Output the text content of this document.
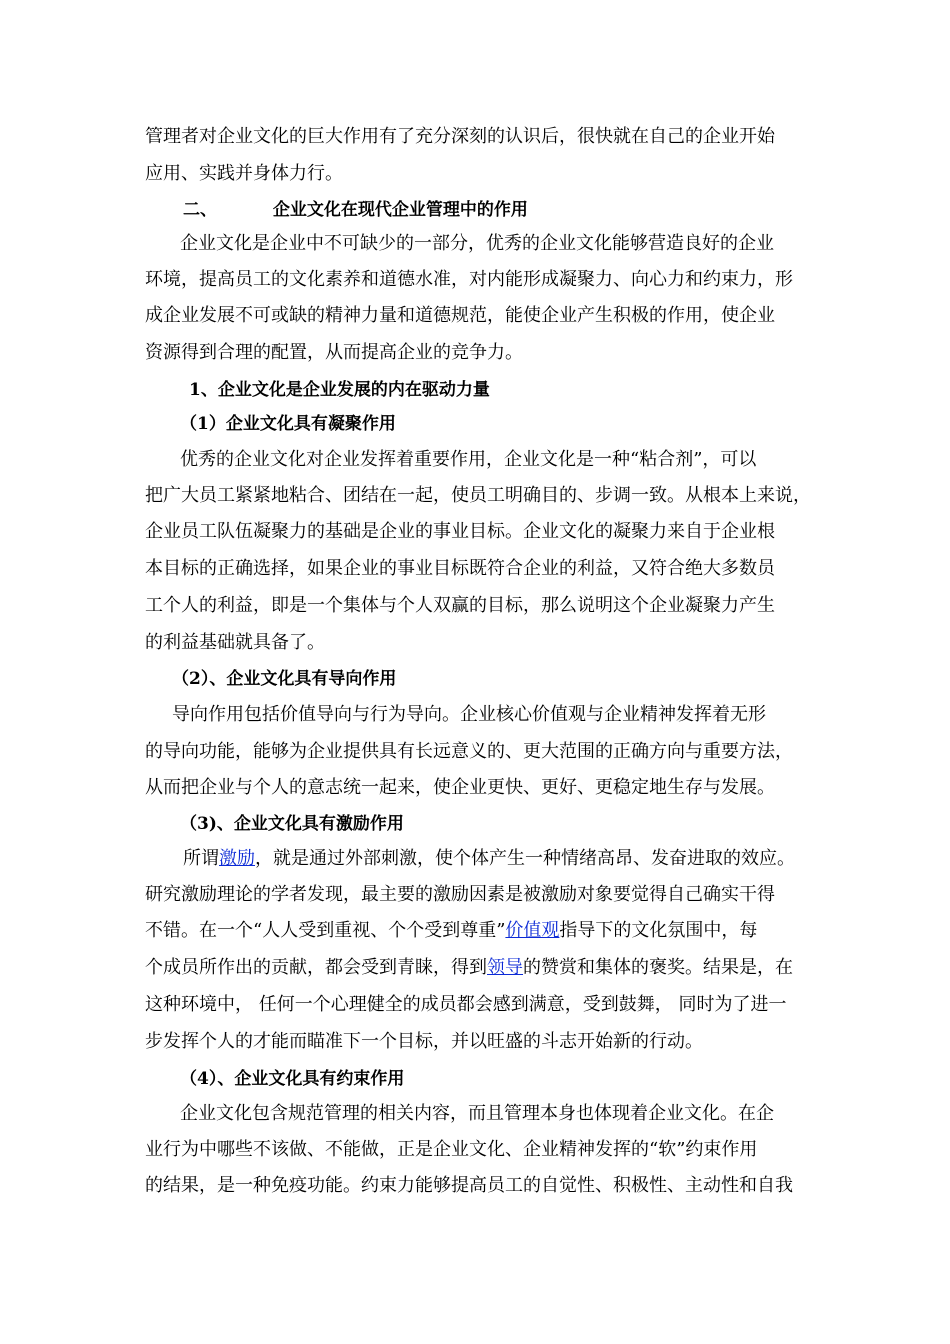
管理者对企业文化的巨大作用有了充分深刻的认识后，很快就在自己的企业开始
应用、实践并身体力行。
二、	企业文化在现代企业管理中的作用
企业文化是企业中不可缺少的一部分，优秀的企业文化能够营造良好的企业
环境，提高员工的文化素养和道德水准，对内能形成凝聚力、向心力和约束力，形
成企业发展不可或缺的精神力量和道德规范，能使企业产生积极的作用，使企业
资源得到合理的配置，从而提高企业的竞争力。
1、企业文化是企业发展的内在驱动力量
（1）企业文化具有凝聚作用
优秀的企业文化对企业发挥着重要作用，企业文化是一种“粘合剂”，可以
把广大员工紧紧地粘合、团结在一起，使员工明确目的、步调一致。从根本上来说，
企业员工队伍凝聚力的基础是企业的事业目标。企业文化的凝聚力来自于企业根
本目标的正确选择，如果企业的事业目标既符合企业的利益，又符合绝大多数员
工个人的利益，即是一个集体与个人双赢的目标，那么说明这个企业凝聚力产生
的利益基础就具备了。
（2）、企业文化具有导向作用
导向作用包括价值导向与行为导向。企业核心价值观与企业精神发挥着无形
的导向功能，能够为企业提供具有长远意义的、更大范围的正确方向与重要方法，
从而把企业与个人的意志统一起来，使企业更快、更好、更稳定地生存与发展。
（3)、企业文化具有激励作用
所谓激励，就是通过外部刺激，使个体产生一种情绪高昂、发奋进取的效应。
研究激励理论的学者发现，最主要的激励因素是被激励对象要觉得自己确实干得
不错。在一个“人人受到重视、个个受到尊重”价值观指导下的文化氛围中，每
个成员所作出的贡献，都会受到青睐，得到领导的赞赏和集体的褒奖。结果是，在
这种环境中， 任何一个心理健全的成员都会感到满意，受到鼓舞， 同时为了进一
步发挥个人的才能而瞄准下一个目标，并以旺盛的斗志开始新的行动。
（4）、企业文化具有约束作用
企业文化包含规范管理的相关内容，而且管理本身也体现着企业文化。在企
业行为中哪些不该做、不能做，正是企业文化、企业精神发挥的“软”约束作用
的结果，是一种免疫功能。约束力能够提高员工的自觉性、积极性、主动性和自我
